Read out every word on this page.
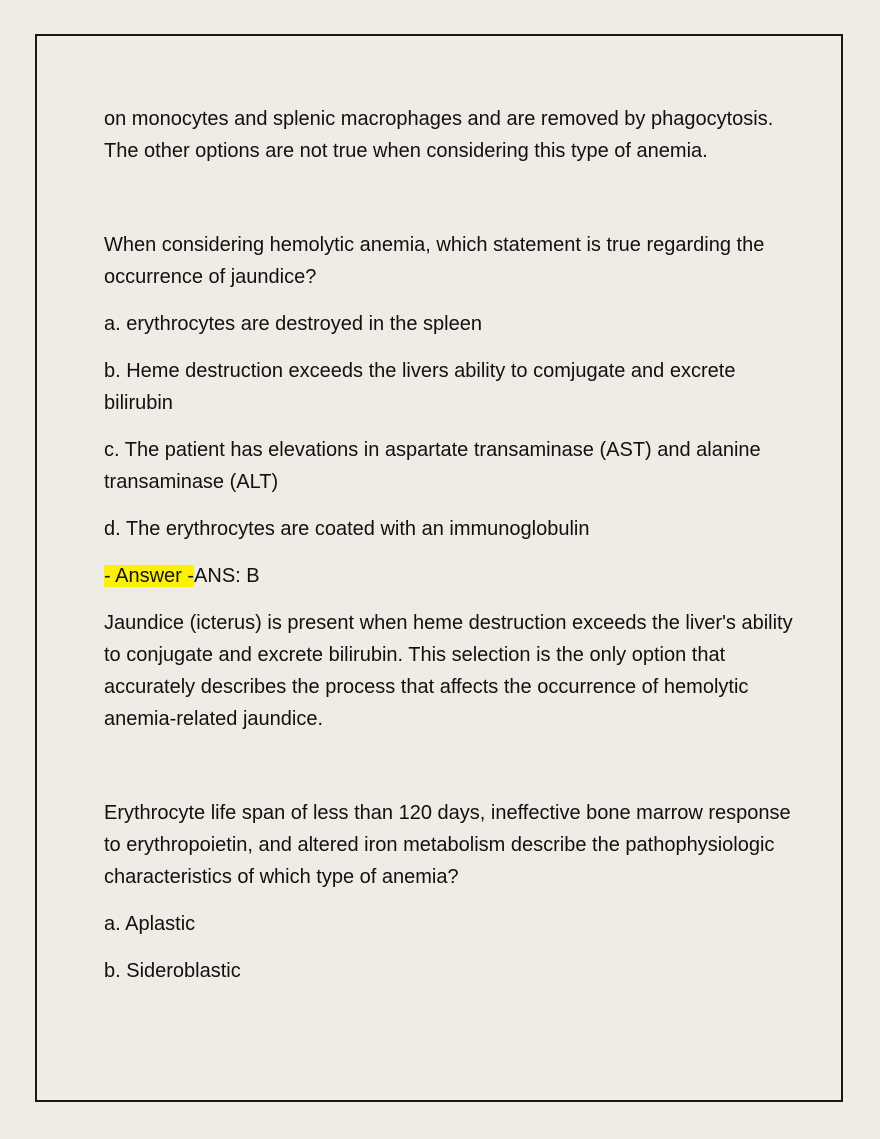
on monocytes and splenic macrophages and are removed by phagocytosis. The other options are not true when considering this type of anemia.

When considering hemolytic anemia, which statement is true regarding the occurrence of jaundice?

a. erythrocytes are destroyed in the spleen

b. Heme destruction exceeds the livers ability to comjugate and excrete bilirubin

c. The patient has elevations in aspartate transaminase (AST) and alanine transaminase (ALT)

d. The erythrocytes are coated with an immunoglobulin

- Answer -ANS: B

Jaundice (icterus) is present when heme destruction exceeds the liver's ability to conjugate and excrete bilirubin. This selection is the only option that accurately describes the process that affects the occurrence of hemolytic anemia-related jaundice.

Erythrocyte life span of less than 120 days, ineffective bone marrow response to erythropoietin, and altered iron metabolism describe the pathophysiologic characteristics of which type of anemia?

a. Aplastic

b. Sideroblastic
